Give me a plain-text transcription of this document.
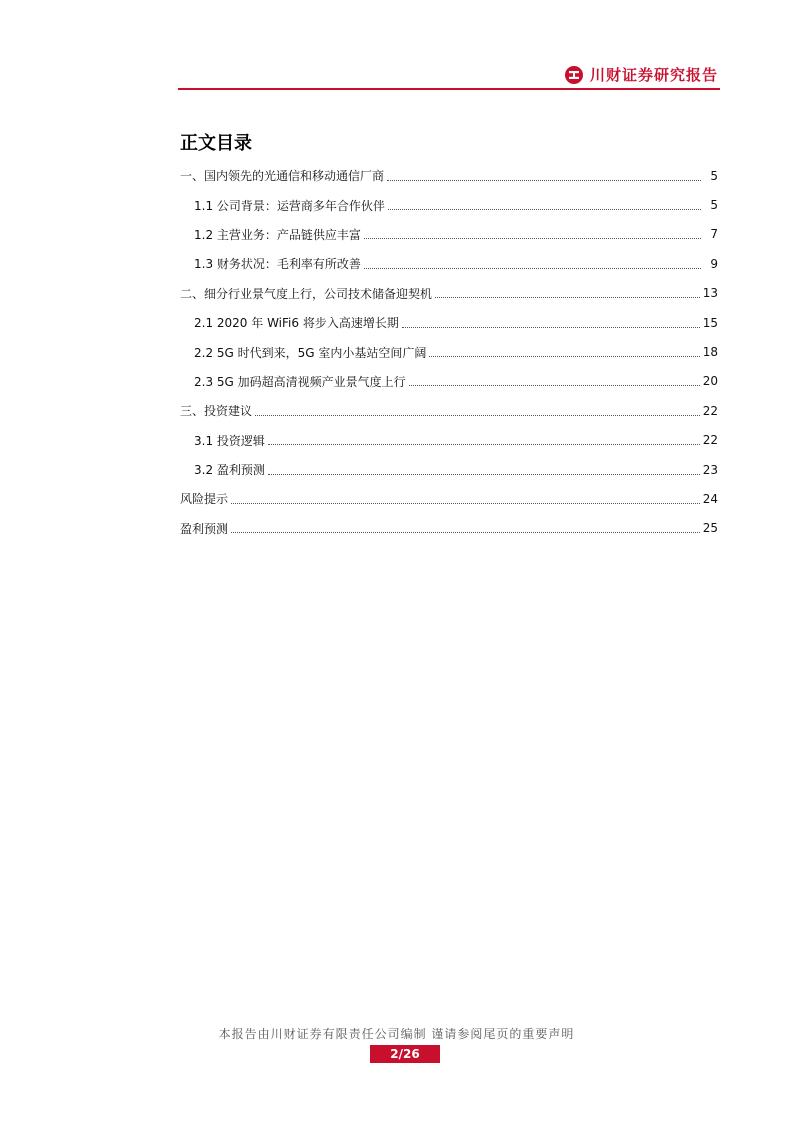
川财证券研究报告
正文目录
一、国内领先的光通信和移动通信厂商	5
1.1 公司背景：运营商多年合作伙伴	5
1.2 主营业务：产品链供应丰富	7
1.3 财务状况：毛利率有所改善	9
二、细分行业景气度上行，公司技术储备迎契机	13
2.1 2020 年 WiFi6 将步入高速增长期	15
2.2 5G 时代到来，5G 室内小基站空间广阔	18
2.3 5G 加码超高清视频产业景气度上行	20
三、投资建议	22
3.1 投资逻辑	22
3.2 盈利预测	23
风险提示	24
盈利预测	25
本报告由川财证券有限责任公司编制 谨请参阅尾页的重要声明
2/26
